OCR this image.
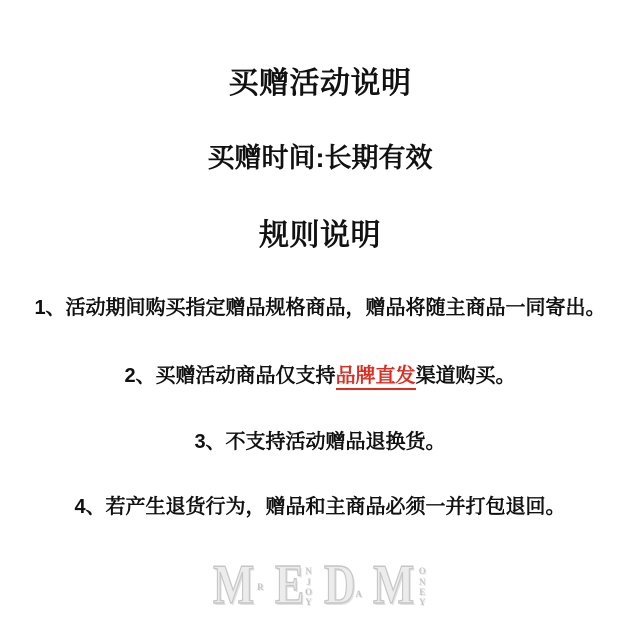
买赠活动说明
买赠时间:长期有效
规则说明

1、活动期间购买指定赠品规格商品，赠品将随主商品一同寄出。

2、买赠活动商品仅支持品牌直发渠道购买。

3、不支持活动赠品退换货。

4、若产生退货行为，赠品和主商品必须一并打包退回。

M R E NJOY D A M ONEY
